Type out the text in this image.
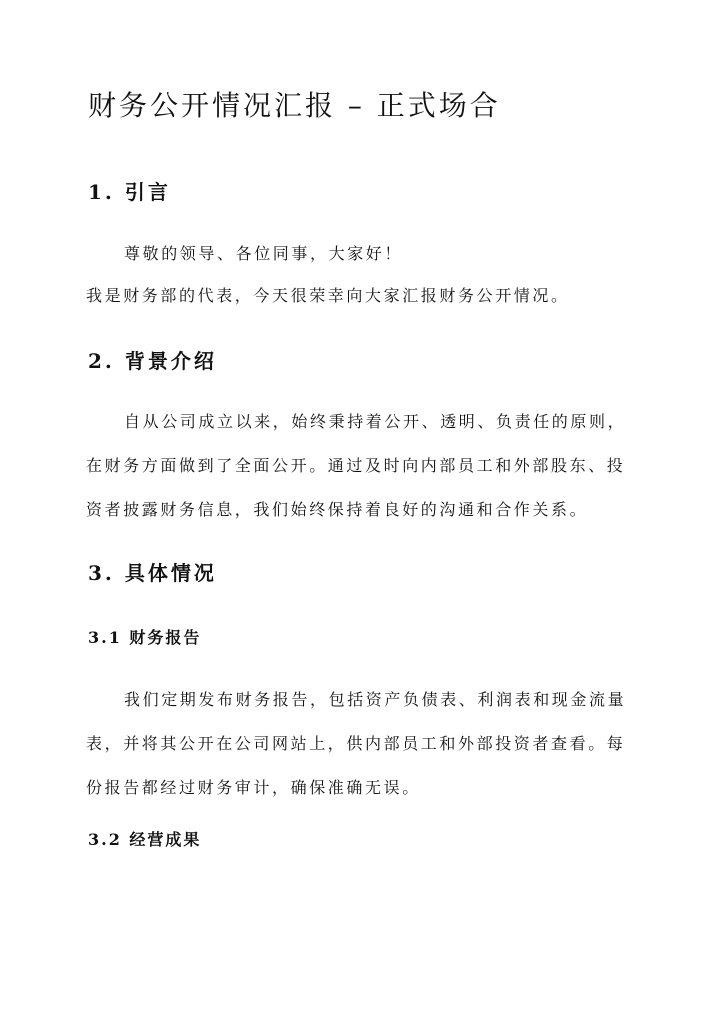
财务公开情况汇报 – 正式场合
1. 引言
尊敬的领导、各位同事，大家好！
我是财务部的代表，今天很荣幸向大家汇报财务公开情况。
2. 背景介绍
自从公司成立以来，始终秉持着公开、透明、负责任的原则，
在财务方面做到了全面公开。通过及时向内部员工和外部股东、投
资者披露财务信息，我们始终保持着良好的沟通和合作关系。
3. 具体情况
3.1 财务报告
我们定期发布财务报告，包括资产负债表、利润表和现金流量
表，并将其公开在公司网站上，供内部员工和外部投资者查看。每
份报告都经过财务审计，确保准确无误。
3.2 经营成果
